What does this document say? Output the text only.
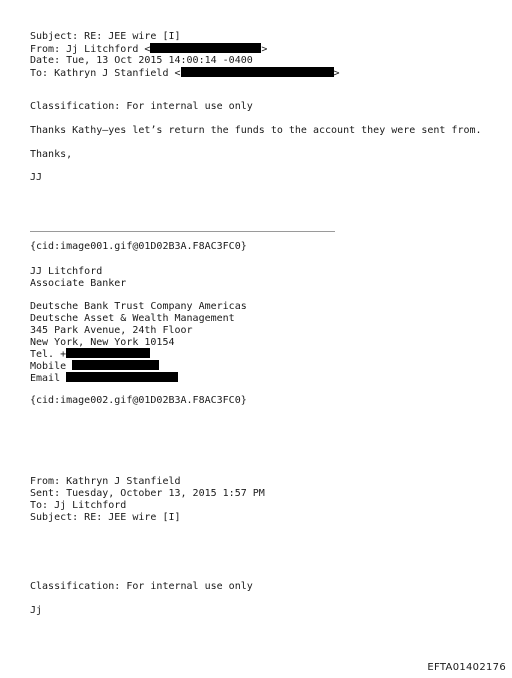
Subject: RE: JEE wire [I]
From: Jj Litchford <	>
Date: Tue, 13 Oct 2015 14:00:14 -0400
To: Kathryn J Stanfield <	>
Classification: For internal use only
Thanks Kathy—yes let’s return the funds to the account they were sent from.
Thanks,
JJ
{cid:image001.gif@01D02B3A.F8AC3FC0}
JJ Litchford
Associate Banker
Deutsche Bank Trust Company Americas
Deutsche Asset & Wealth Management
345 Park Avenue, 24th Floor
New York, New York 10154
Tel. +
Mobile
Email
{cid:image002.gif@01D02B3A.F8AC3FC0}
From: Kathryn J Stanfield
Sent: Tuesday, October 13, 2015 1:57 PM
To: Jj Litchford
Subject: RE: JEE wire [I]
Classification: For internal use only
Jj
EFTA01402176
